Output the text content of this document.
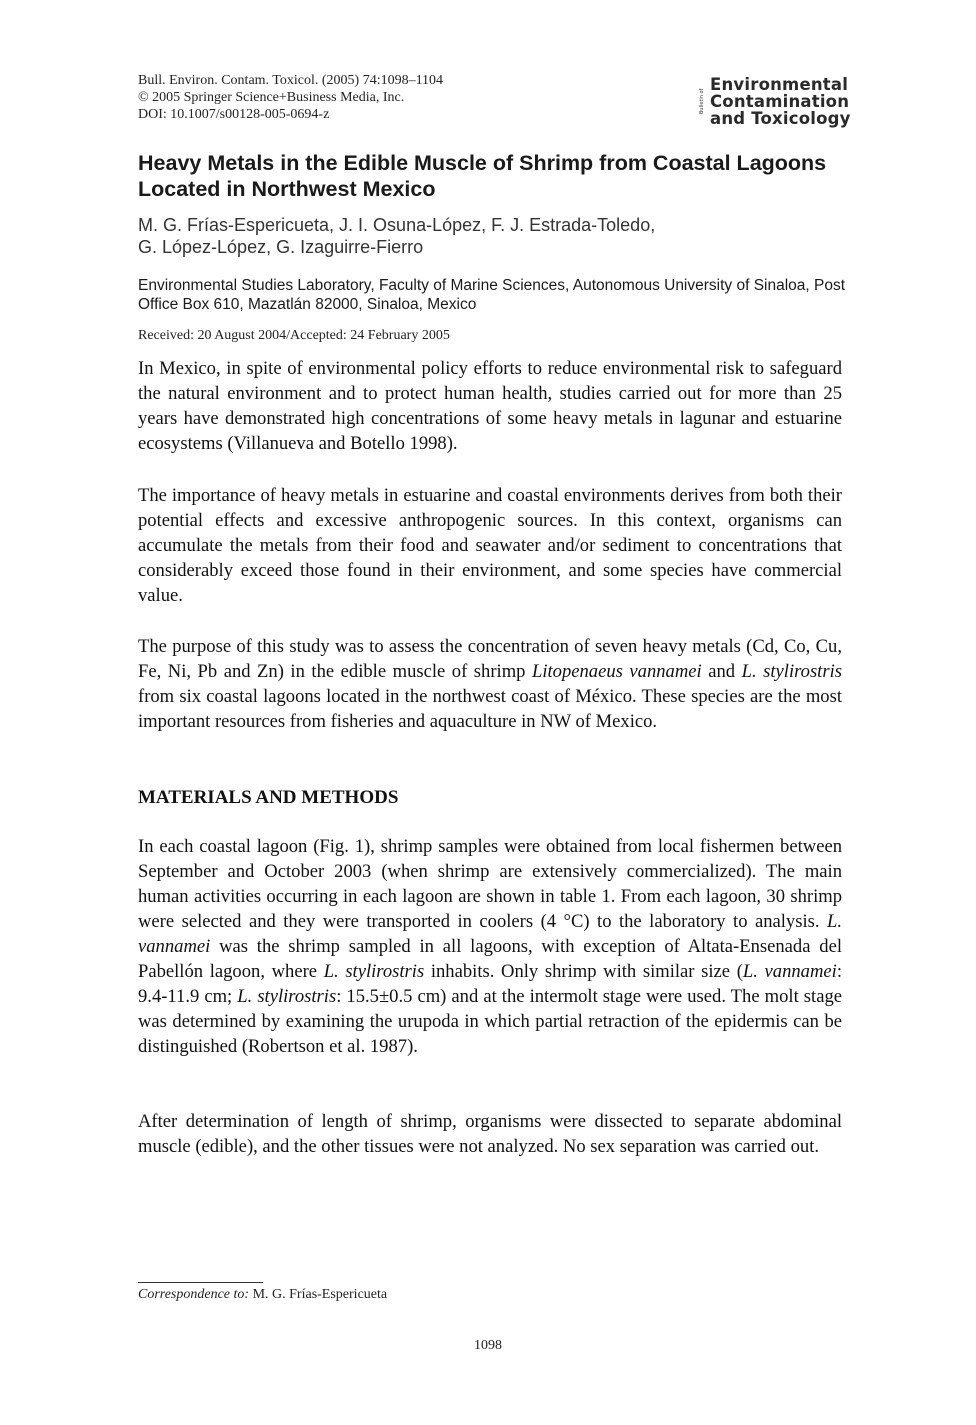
Bull. Environ. Contam. Toxicol. (2005) 74:1098–1104
© 2005 Springer Science+Business Media, Inc.
DOI: 10.1007/s00128-005-0694-z
Bulletin of
Environmental
Contamination
and Toxicology
Heavy Metals in the Edible Muscle of Shrimp from Coastal Lagoons Located in Northwest Mexico
M. G. Frías-Espericueta, J. I. Osuna-López, F. J. Estrada-Toledo,
G. López-López, G. Izaguirre-Fierro
Environmental Studies Laboratory, Faculty of Marine Sciences, Autonomous University of Sinaloa, Post Office Box 610, Mazatlán 82000, Sinaloa, Mexico
Received: 20 August 2004/Accepted: 24 February 2005

In Mexico, in spite of environmental policy efforts to reduce environmental risk to safeguard the natural environment and to protect human health, studies carried out for more than 25 years have demonstrated high concentrations of some heavy metals in lagunar and estuarine ecosystems (Villanueva and Botello 1998).

The importance of heavy metals in estuarine and coastal environments derives from both their potential effects and excessive anthropogenic sources. In this context, organisms can accumulate the metals from their food and seawater and/or sediment to concentrations that considerably exceed those found in their environment, and some species have commercial value.

The purpose of this study was to assess the concentration of seven heavy metals (Cd, Co, Cu, Fe, Ni, Pb and Zn) in the edible muscle of shrimp Litopenaeus vannamei and L. stylirostris from six coastal lagoons located in the northwest coast of México. These species are the most important resources from fisheries and aquaculture in NW of Mexico.

MATERIALS AND METHODS

In each coastal lagoon (Fig. 1), shrimp samples were obtained from local fishermen between September and October 2003 (when shrimp are extensively commercialized). The main human activities occurring in each lagoon are shown in table 1. From each lagoon, 30 shrimp were selected and they were transported in coolers (4 °C) to the laboratory to analysis. L. vannamei was the shrimp sampled in all lagoons, with exception of Altata-Ensenada del Pabellón lagoon, where L. stylirostris inhabits. Only shrimp with similar size (L. vannamei: 9.4-11.9 cm; L. stylirostris: 15.5±0.5 cm) and at the intermolt stage were used. The molt stage was determined by examining the urupoda in which partial retraction of the epidermis can be distinguished (Robertson et al. 1987).

After determination of length of shrimp, organisms were dissected to separate abdominal muscle (edible), and the other tissues were not analyzed. No sex separation was carried out.

Correspondence to: M. G. Frías-Espericueta
1098
